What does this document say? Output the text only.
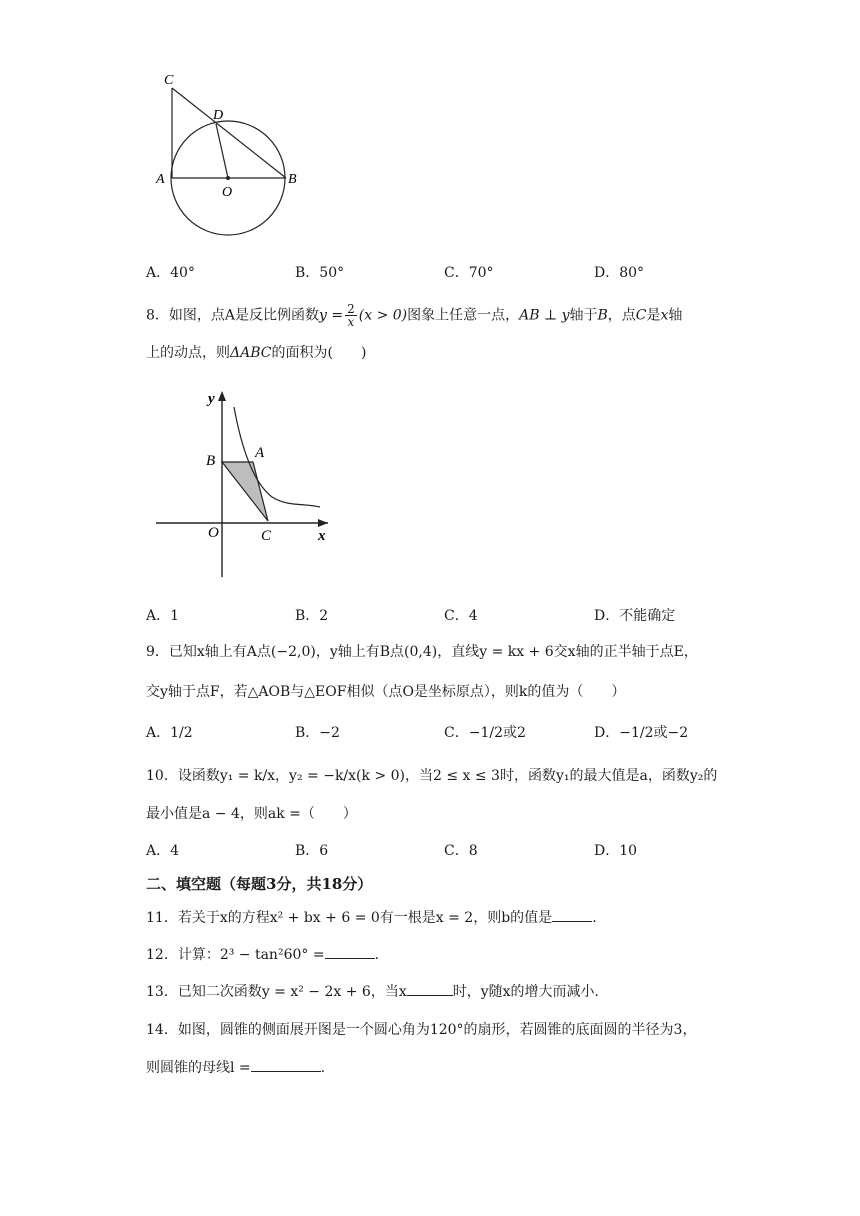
C
D
A
O
B
A．40°	B．50°	C．70°	D．80°
8．如图，点A是反比例函数$y = \frac{2}{x} (x > 0)$图象上任意一点，AB ⊥ y轴于B，点C是x轴
上的动点，则ΔABC的面积为(　　)
y
B	A
O	C	x
A．1	B．2	C．4	D．不能确定
9．已知x轴上有A点(−2,0)，y轴上有B点(0,4)，直线y = kx + 6交x轴的正半轴于点E，
交y轴于点F，若△AOB与△EOF相似（点O是坐标原点），则k的值为（　　）
A．1/2	B．−2	C．−1/2或2	D．−1/2或−2
10．设函数y₁ = k/x，y₂ = −k/x(k > 0)，当2 ≤ x ≤ 3时，函数y₁的最大值是a，函数y₂的
最小值是a − 4，则ak =（　　）
A．4	B．6	C．8	D．10
二、填空题（每题3分，共18分）
11．若关于x的方程x² + bx + 6 = 0有一根是x = 2，则b的值是	.
12．计算：2³ − tan²60° =	.
13．已知二次函数y = x² − 2x + 6，当x	时，y随x的增大而减小.
14．如图，圆锥的侧面展开图是一个圆心角为120°的扇形，若圆锥的底面圆的半径为3，
则圆锥的母线l =	.
